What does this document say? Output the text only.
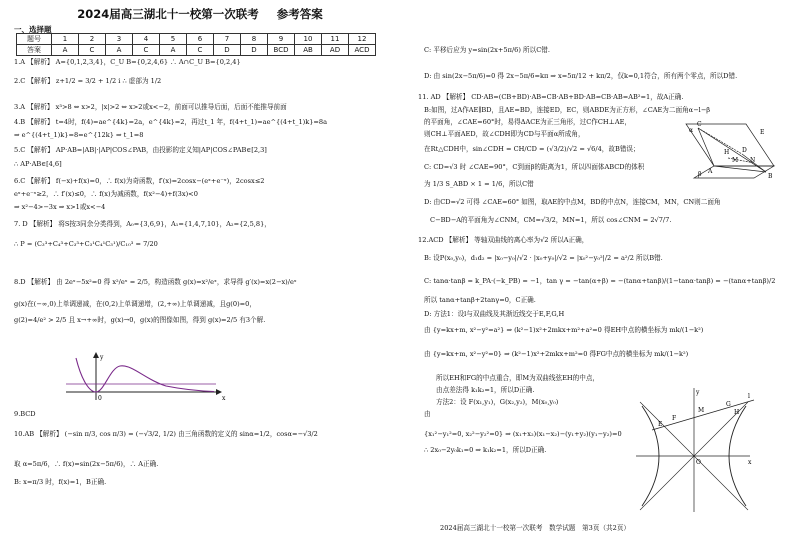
2024届高三湖北十一校第一次联考 参考答案
一、选择题
题号	1	2	3	4	5	6	7	8	9	10	11	12
答案	A	C	A	C	A	C	D	D	BCD	AB	AD	ACD
1.A 【解析】 A={0,1,2,3,4}，C_U B={0,2,4,6} ∴ A∩C_U B={0,2,4}
2.C 【解析】 z+1/2 = 3/2 + 1/2 i ∴ 虚部为 1/2
3.A 【解析】 x³>8 ⇔ x>2，|x|>2 ⇔ x>2或x<−2，前面可以推导后面，后面不能推导前面
4.B 【解析】 t=4时，f(4)=ae^{4k}=2a，e^{4k}=2，再过t_1 年，f(4+t_1)=ae^{(4+t_1)k}=8a
⇒ e^{(4+t_1)k}=8=e^{12k} ⇒ t_1=8
5.C 【解析】 AP·AB=|AB|·|AP|COS∠PAB，由投影的定义知|AP|COS∠PAB∈[2,3]
∴ AP·AB∈[4,6]
6.C 【解析】 f(−x)+f(x)=0，∴ f(x)为奇函数，f′(x)=2cosx−(eˣ+e⁻ˣ)，2cosx≤2
eˣ+e⁻ˣ≥2，∴ f′(x)≤0，∴ f(x)为减函数，f(x²−4)+f(3x)<0
⇒ x²−4>−3x ⇒ x>1或x<−4
7. D 【解析】 将S按3同余分类得到，A₀={3,6,9}，A₁={1,4,7,10}，A₂={2,5,8}，
∴ P = (C₃³+C₄³+C₃³+C₃¹C₄¹C₃¹)/C₁₀³ = 7/20
8.D 【解析】 由 2eˣ−5x²=0 得 x²/eˣ = 2/5，构造函数 g(x)=x²/eˣ，求导得 g′(x)=x(2−x)/eˣ
g(x)在(−∞,0)上单调递减，在(0,2)上单调递增，(2,+∞)上单调递减，且g(0)=0，
g(2)=4/e² > 2/5 且 x→+∞时，g(x)→0，g(x)的图像如图，得到 g(x)=2/5 有3个解.
9.BCD
10.AB 【解析】 (−sin π/3, cos π/3) = (−√3/2, 1/2) 由三角函数的定义的 sinα=1/2，cosα=−√3/2
取 α=5π/6，∴ f(x)=sin(2x−5π/6)，∴ A正确.
B: x=π/3 时，f(x)=1，B正确.
x
y
0
C: 平移后应为 y=sin(2x+5π/6) 所以C错.
D: 由 sin(2x−5π/6)=0 得 2x−5π/6=kπ ⇒ x=5π/12 + kπ/2，仅k=0,1符合，所有两个零点，所以D错.
11. AD 【解析】 CD·AB=(CB+BD)·AB=CB·AB+BD·AB=CB·AB=AB²=1，故A正确.
B:如图，过A作AE∥BD，且AE=BD，连接ED，EC，则ABDE为正方形，∠CAE为二面角α−l−β
的平面角，∠CAE=60°时，易得ΔACE为正三角形，过C作CH⊥AE，
则CH⊥平面AED，故∠CDH即为CD与平面α所成角，
在Rt△CDH中，sin∠CDH = CH/CD = (√3/2)/√2 = √6/4，故B错误；
C: CD=√3 时 ∠CAE=90°，C到面β的距离为1，所以四面体ABCD的体积
为 1/3 S_ABD × 1 = 1/6，所以C错
D: 由CD=√2 可得 ∠CAE=60° 如图，取AE的中点M，BD的中点N，连接CM，MN，CN则二面角
C−BD−A的平面角为∠CNM，CM=√3/2，MN=1，所以 cos∠CNM = 2√7/7.
12.ACD 【解析】 等轴双曲线的离心率为√2 所以A正确，
B: 设P(x₀,y₀)，d₁d₂ = |x₀−y₀|/√2 · |x₀+y₀|/√2 = |x₀²−y₀²|/2 = a²/2 所以B错.
C: tanα·tanβ = k_PA·(−k_PB) = −1，tan γ = −tan(α+β) = −(tanα+tanβ)/(1−tanα·tanβ) = −(tanα+tanβ)/2
所以 tanα+tanβ+2tanγ=0，C正确.
D: 方法1：设l与双曲线及其渐近线交于E,F,G,H
由 {y=kx+m, x²−y²=a²} ⇒ (k²−1)x²+2mkx+m²+a²=0 得EH中点的横坐标为 mk/(1−k²)
由 {y=kx+m, x²−y²=0} ⇒ (k²−1)x²+2mkx+m²=0 得FG中点的横坐标为 mk/(1−k²)
所以EH和FG的中点重合，即M为双曲线弦EH的中点，
由点差法得 k₁k₂=1，所以D正确.
方法2：设 F(x₁,y₁)，G(x₂,y₂)，M(x₀,y₀)
由
{x₁²−y₁²=0, x₂²−y₂²=0} ⇒ (x₁+x₂)(x₁−x₂)−(y₁+y₂)(y₁−y₂)=0
∴ 2x₀−2y₀k₁=0 ⇒ k₁k₂=1，所以D正确.
α
C
D
E
H
M N
A
B
β
y
E
M
G
H
F
l
O	x
2024届高三湖北十一校第一次联考　数学试题　第3页（共2页）
